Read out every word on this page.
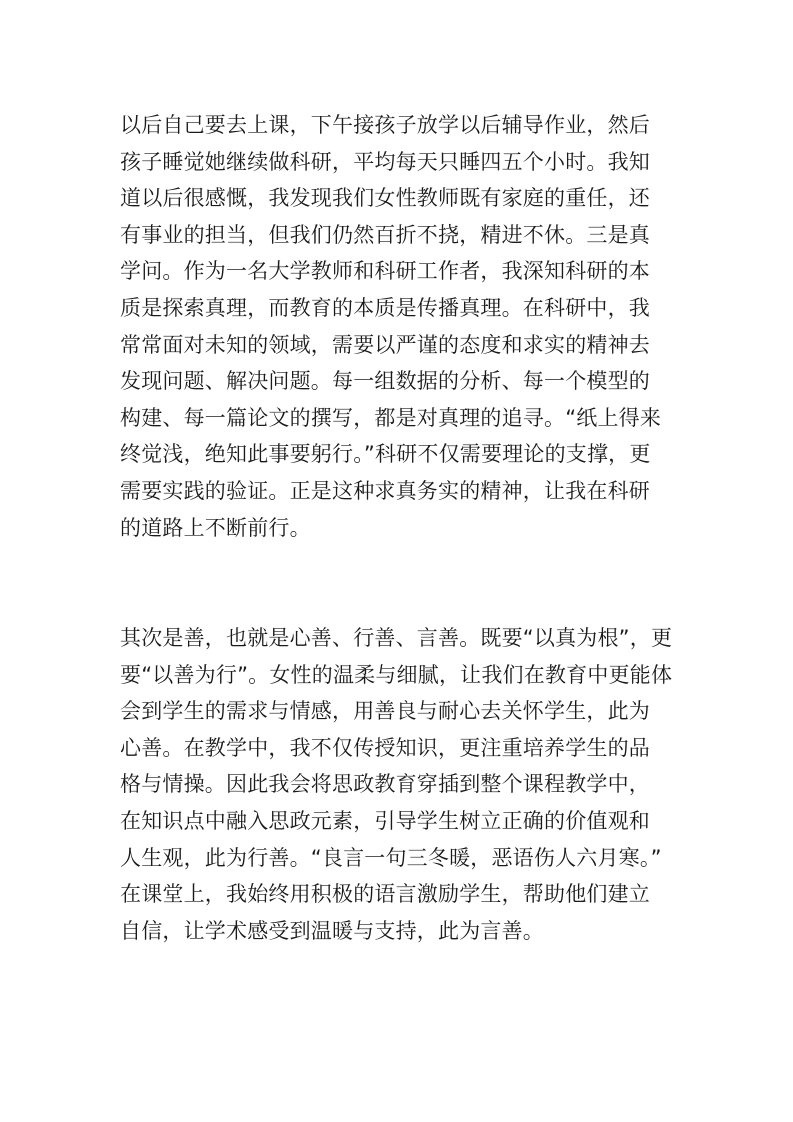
以后自己要去上课，下午接孩子放学以后辅导作业，然后
孩子睡觉她继续做科研，平均每天只睡四五个小时。我知
道以后很感慨，我发现我们女性教师既有家庭的重任，还
有事业的担当，但我们仍然百折不挠，精进不休。三是真
学问。作为一名大学教师和科研工作者，我深知科研的本
质是探索真理，而教育的本质是传播真理。在科研中，我
常常面对未知的领域，需要以严谨的态度和求实的精神去
发现问题、解决问题。每一组数据的分析、每一个模型的
构建、每一篇论文的撰写，都是对真理的追寻。“纸上得来
终觉浅，绝知此事要躬行。”科研不仅需要理论的支撑，更
需要实践的验证。正是这种求真务实的精神，让我在科研
的道路上不断前行。
其次是善，也就是心善、行善、言善。既要“以真为根”，更
要“以善为行”。女性的温柔与细腻，让我们在教育中更能体
会到学生的需求与情感，用善良与耐心去关怀学生，此为
心善。在教学中，我不仅传授知识，更注重培养学生的品
格与情操。因此我会将思政教育穿插到整个课程教学中，
在知识点中融入思政元素，引导学生树立正确的价值观和
人生观，此为行善。“良言一句三冬暖，恶语伤人六月寒。”
在课堂上，我始终用积极的语言激励学生，帮助他们建立
自信，让学术感受到温暖与支持，此为言善。
